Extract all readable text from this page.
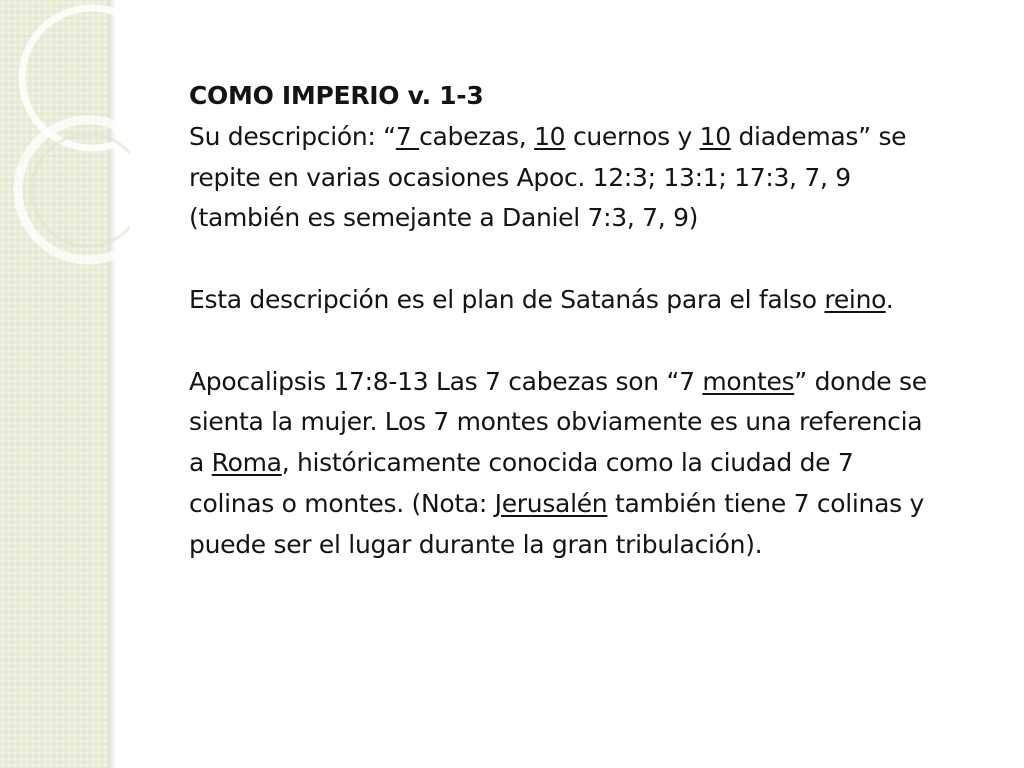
COMO IMPERIO v. 1-3

Su descripción: “7 cabezas, 10 cuernos y 10 diademas” se repite en varias ocasiones Apoc. 12:3; 13:1; 17:3, 7, 9 (también es semejante a Daniel 7:3, 7, 9)

Esta descripción es el plan de Satanás para el falso reino.

Apocalipsis 17:8-13 Las 7 cabezas son “7 montes” donde se sienta la mujer. Los 7 montes obviamente es una referencia a Roma, históricamente conocida como la ciudad de 7 colinas o montes. (Nota: Jerusalén también tiene 7 colinas y puede ser el lugar durante la gran tribulación).
